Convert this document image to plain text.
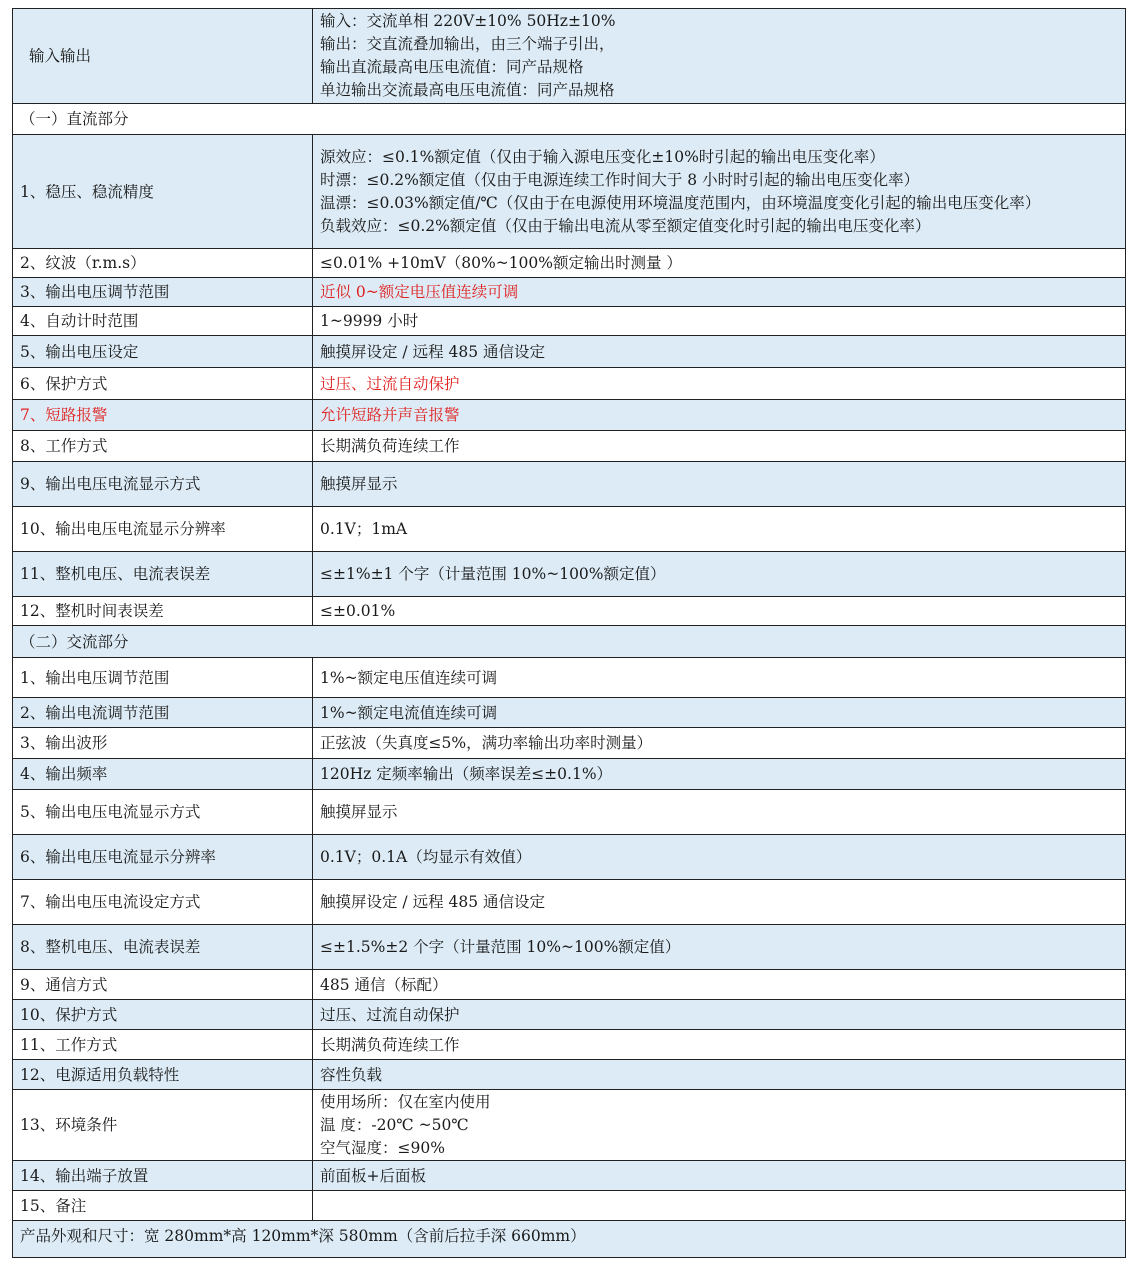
输入输出	输入：交流单相 220V±10% 50Hz±10%
输出：交直流叠加输出，由三个端子引出，
输出直流最高电压电流值：同产品规格
单边输出交流最高电压电流值：同产品规格

（一）直流部分	
1、稳压、稳流精度	源效应：≤0.1%额定值（仅由于输入源电压变化±10%时引起的输出电压变化率）
时漂：≤0.2%额定值（仅由于电源连续工作时间大于 8 小时时引起的输出电压变化率）
温漂：≤0.03%额定值/℃（仅由于在电源使用环境温度范围内，由环境温度变化引起的输出电压变化率）
负载效应：≤0.2%额定值（仅由于输出电流从零至额定值变化时引起的输出电压变化率）

2、纹波（r.m.s）	≤0.01% +10mV（80%~100%额定输出时测量 ）
3、输出电压调节范围	近似 0~额定电压值连续可调
4、自动计时范围	1~9999 小时
5、输出电压设定	触摸屏设定 / 远程 485 通信设定
6、保护方式	过压、过流自动保护
7、短路报警	允许短路并声音报警
8、工作方式	长期满负荷连续工作
9、输出电压电流显示方式	触摸屏显示
10、输出电压电流显示分辨率	0.1V；1mA
11、整机电压、电流表误差	≤±1%±1 个字（计量范围 10%~100%额定值）
12、整机时间表误差	≤±0.01%
（二）交流部分	
1、输出电压调节范围	1%~额定电压值连续可调
2、输出电流调节范围	1%~额定电流值连续可调
3、输出波形	正弦波（失真度≤5%，满功率输出功率时测量）
4、输出频率	120Hz 定频率输出（频率误差≤±0.1%）
5、输出电压电流显示方式	触摸屏显示
6、输出电压电流显示分辨率	0.1V；0.1A（均显示有效值）
7、输出电压电流设定方式	触摸屏设定 / 远程 485 通信设定
8、整机电压、电流表误差	≤±1.5%±2 个字（计量范围 10%~100%额定值）
9、通信方式	485 通信（标配）
10、保护方式	过压、过流自动保护
11、工作方式	长期满负荷连续工作
12、电源适用负载特性	容性负载
13、环境条件	使用场所：仅在室内使用
温 度：-20℃ ~50℃
空气湿度：≤90%

14、输出端子放置	前面板+后面板
15、备注	
产品外观和尺寸：宽 280mm*高 120mm*深 580mm（含前后拉手深 660mm）	
